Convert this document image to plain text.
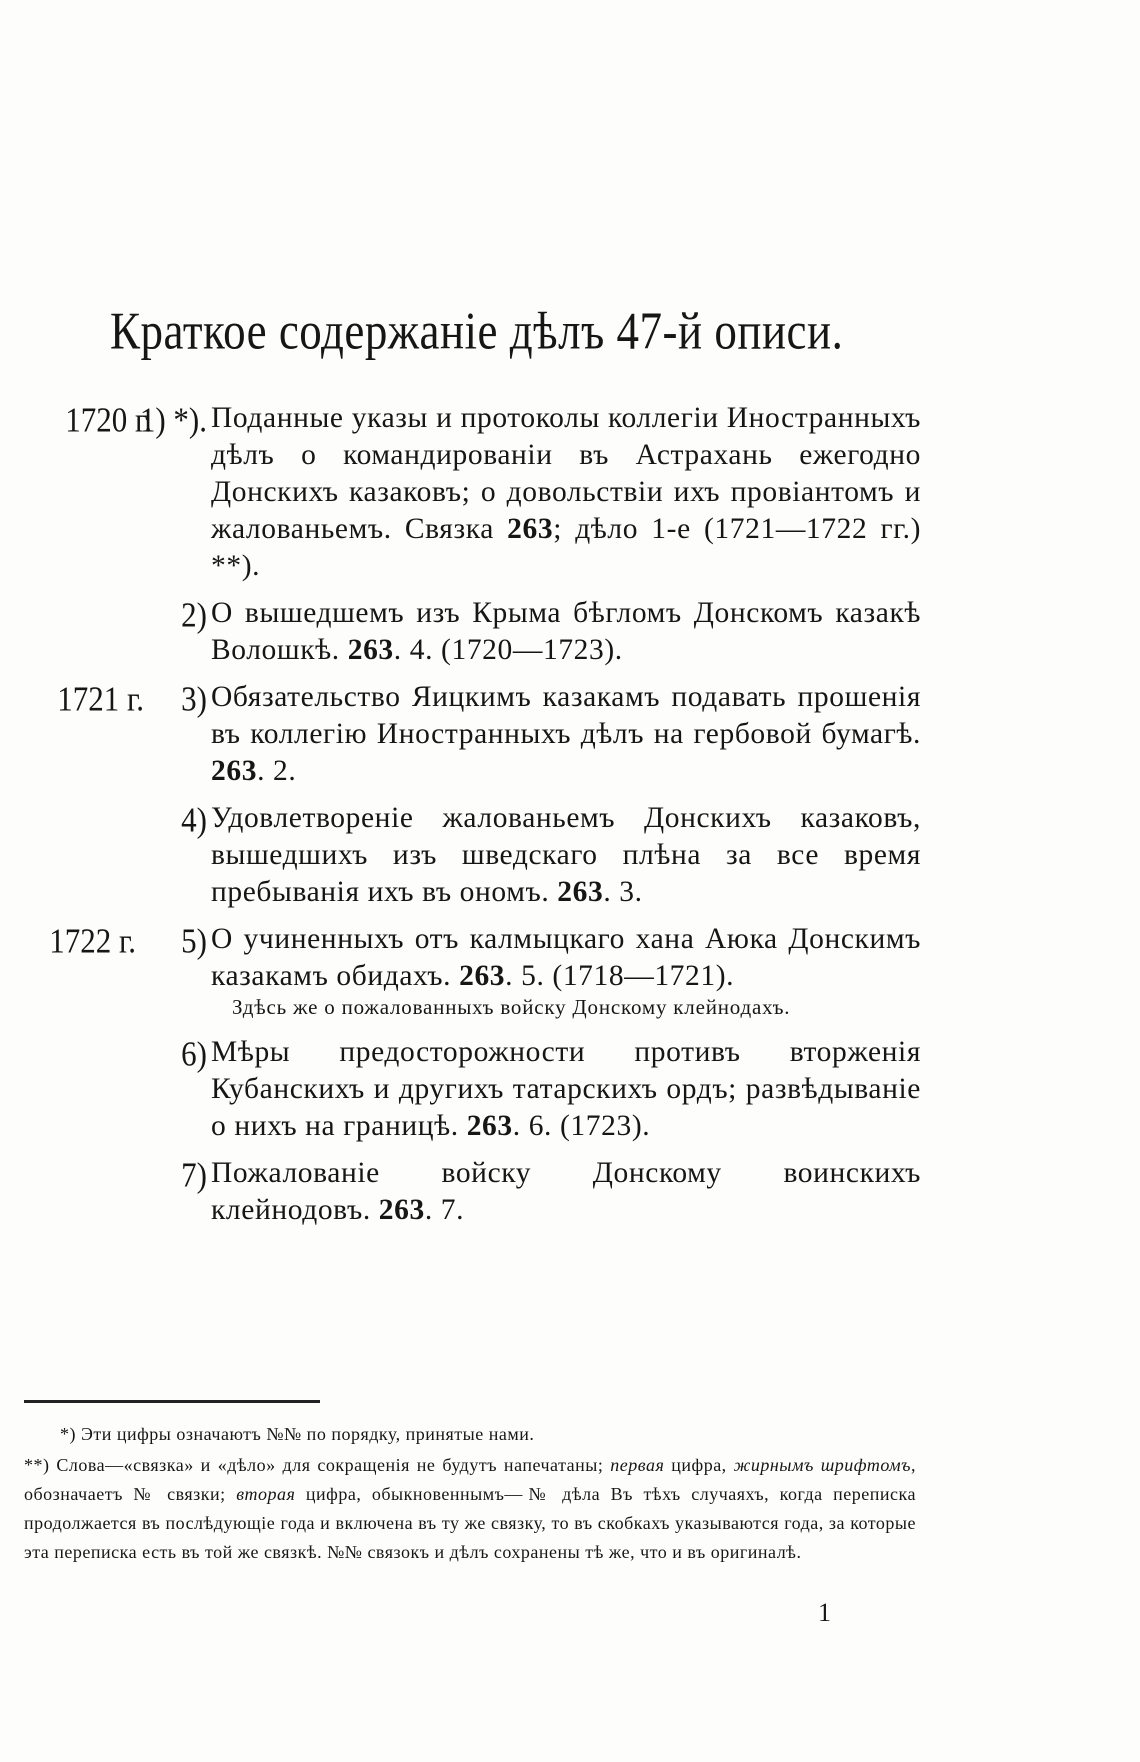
Краткое содержаніе дѣлъ 47-й описи.
1720 г.
1) *). Поданные указы и протоколы коллегіи Иностранныхъ дѣлъ о командированіи въ Астрахань ежегодно Донскихъ казаковъ; о довольствіи ихъ провіантомъ и жалованьемъ. Связка 263; дѣло 1-е (1721—1722 гг.) **).
2) О вышедшемъ изъ Крыма бѣгломъ Донскомъ казакѣ Волошкѣ. 263. 4. (1720—1723).
1721 г.	3) Обязательство Яицкимъ казакамъ подавать прошенія въ коллегію Иностранныхъ дѣлъ на гербовой бумагѣ. 263. 2.
4) Удовлетвореніе жалованьемъ Донскихъ казаковъ, вышедшихъ изъ шведскаго плѣна за все время пребыванія ихъ въ ономъ. 263. 3.
1722 г.	5) О учиненныхъ отъ калмыцкаго хана Аюка Донскимъ казакамъ обидахъ. 263. 5. (1718—1721).
Здѣсь же о пожалованныхъ войску Донскому клейнодахъ.
6) Мѣры предосторожности противъ вторженія Кубанскихъ и другихъ татарскихъ ордъ; развѣдываніе о нихъ на границѣ. 263. 6. (1723).
7) Пожалованіе войску Донскому воинскихъ клейнодовъ. 263. 7.
*) Эти цифры означаютъ №№ по порядку, принятые нами.
**) Слова—«связка» и «дѣло» для сокращенія не будутъ напечатаны; первая цифра, жирнымъ шрифтомъ, обозначаетъ № связки; вторая цифра, обыкновеннымъ—№ дѣла Въ тѣхъ случаяхъ, когда переписка продолжается въ послѣдующіе года и включена въ ту же связку, то въ скобкахъ указываются года, за которые эта переписка есть въ той же связкѣ. №№ связокъ и дѣлъ сохранены тѣ же, что и въ оригиналѣ.
1
